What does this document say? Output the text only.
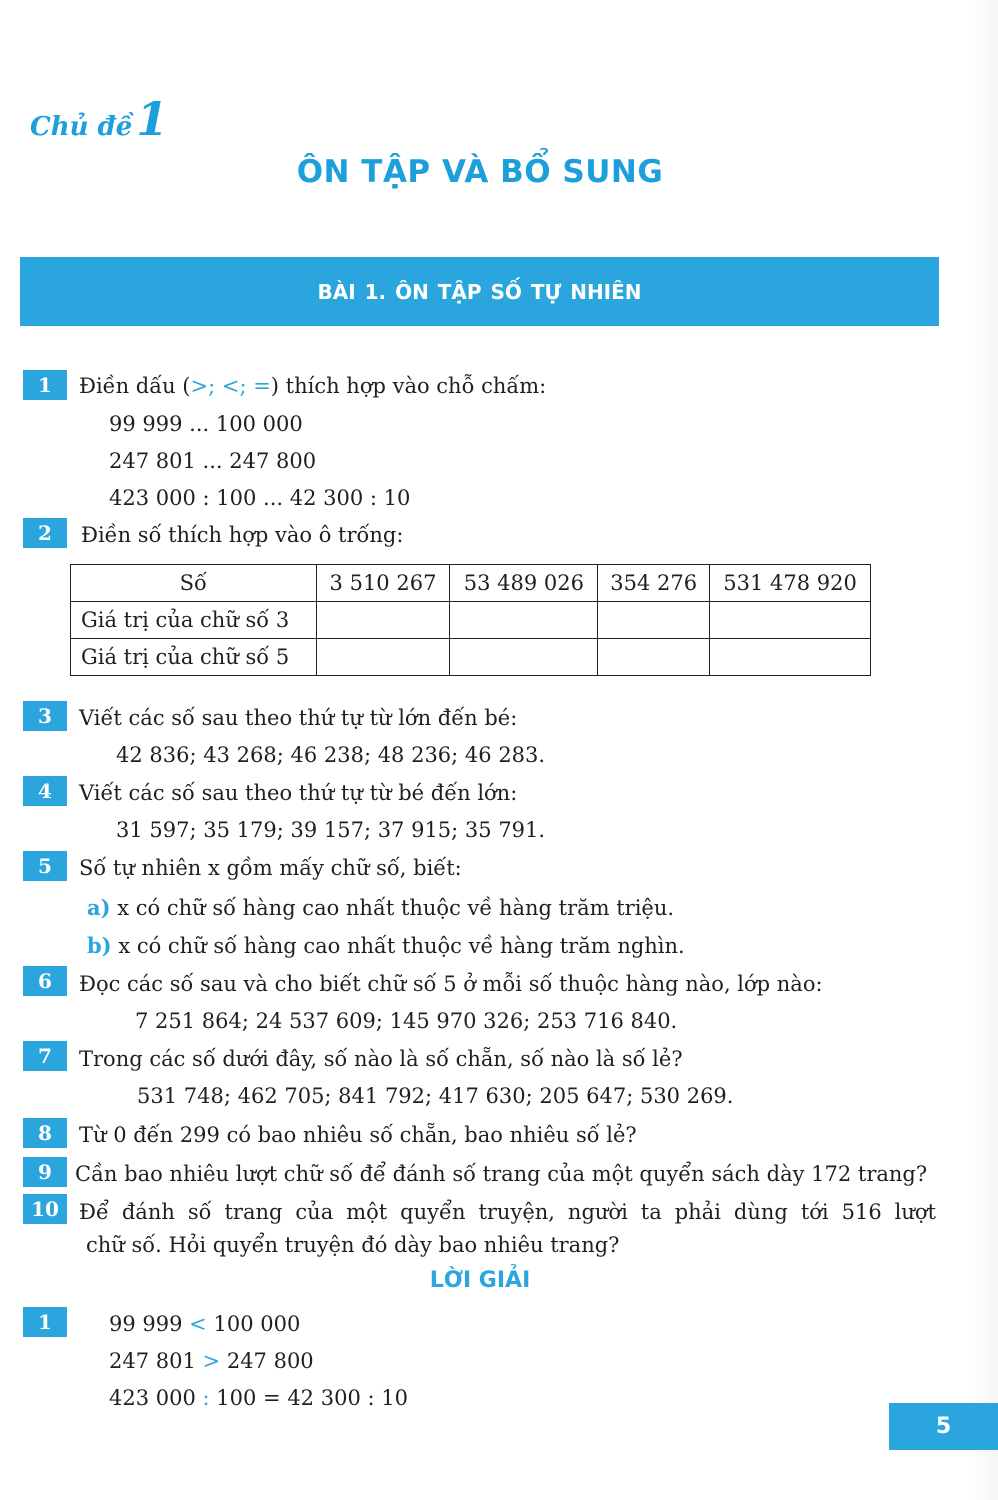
Chủ đề1
ÔN TẬP VÀ BỔ SUNG
BÀI 1. ÔN TẬP SỐ TỰ NHIÊN
1	Điền dấu (>; <; =) thích hợp vào chỗ chấm:
99 999 ... 100 000
247 801 ... 247 800
423 000 : 100 ... 42 300 : 10
2	Điền số thích hợp vào ô trống:
Số	3 510 267	53 489 026	354 276	531 478 920
Giá trị của chữ số 3				
Giá trị của chữ số 5				
3	Viết các số sau theo thứ tự từ lớn đến bé:
42 836; 43 268; 46 238; 48 236; 46 283.
4	Viết các số sau theo thứ tự từ bé đến lớn:
31 597; 35 179; 39 157; 37 915; 35 791.
5	Số tự nhiên x gồm mấy chữ số, biết:
a) x có chữ số hàng cao nhất thuộc về hàng trăm triệu.
b) x có chữ số hàng cao nhất thuộc về hàng trăm nghìn.
6	Đọc các số sau và cho biết chữ số 5 ở mỗi số thuộc hàng nào, lớp nào:
7 251 864; 24 537 609; 145 970 326; 253 716 840.
7	Trong các số dưới đây, số nào là số chẵn, số nào là số lẻ?
531 748; 462 705; 841 792; 417 630; 205 647; 530 269.
8	Từ 0 đến 299 có bao nhiêu số chẵn, bao nhiêu số lẻ?
9	Cần bao nhiêu lượt chữ số để đánh số trang của một quyển sách dày 172 trang?
10 Để đánh số trang của một quyển truyện, người ta phải dùng tới 516 lượt
chữ số. Hỏi quyển truyện đó dày bao nhiêu trang?
LỜI GIẢI
1	99 999 < 100 000
247 801 > 247 800
423 000 : 100 = 42 300 : 10
5
